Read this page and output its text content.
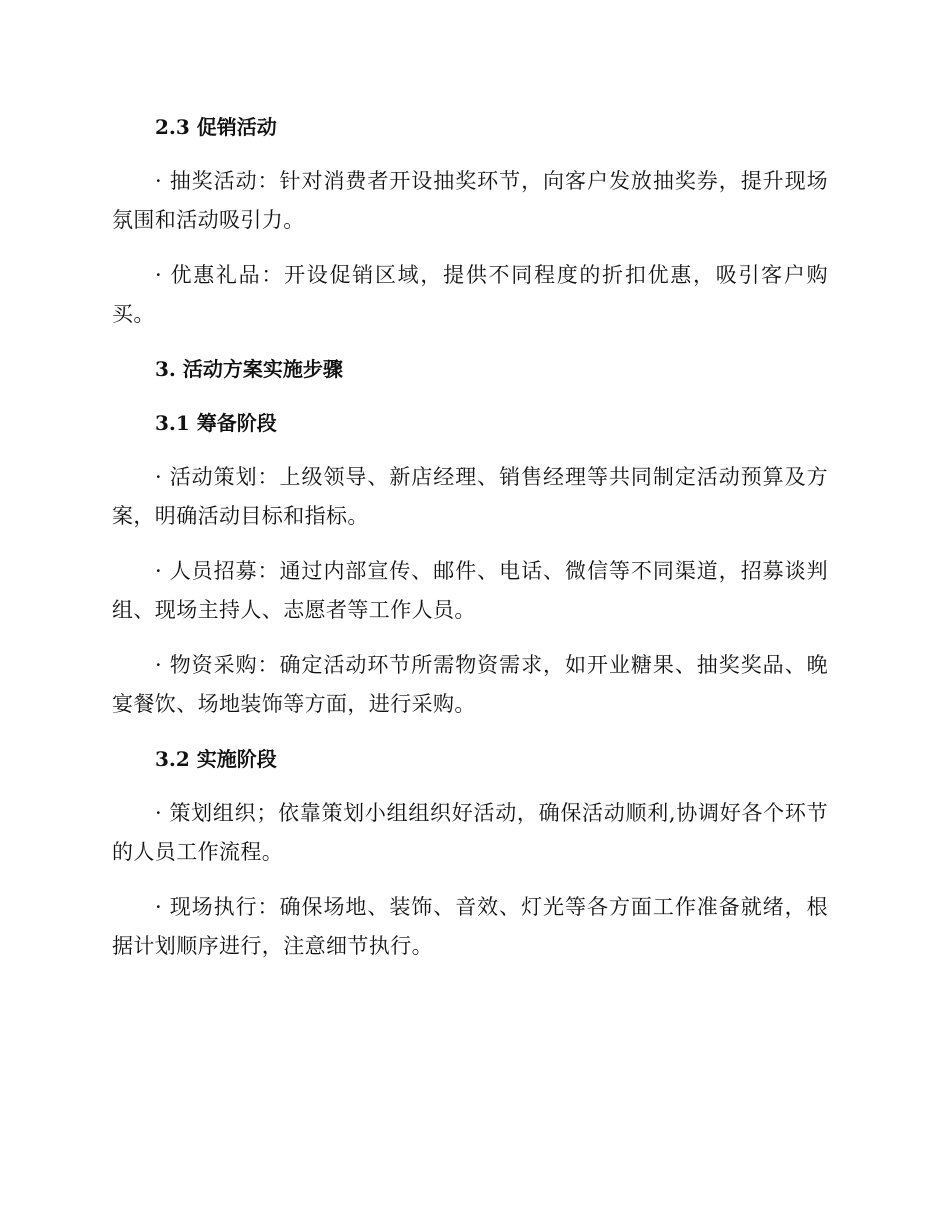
2.3 促销活动

· 抽奖活动：针对消费者开设抽奖环节，向客户发放抽奖券，提升现场氛围和活动吸引力。

· 优惠礼品：开设促销区域，提供不同程度的折扣优惠，吸引客户购买。

3. 活动方案实施步骤
3.1 筹备阶段

· 活动策划：上级领导、新店经理、销售经理等共同制定活动预算及方案，明确活动目标和指标。

· 人员招募：通过内部宣传、邮件、电话、微信等不同渠道，招募谈判组、现场主持人、志愿者等工作人员。

· 物资采购：确定活动环节所需物资需求，如开业糖果、抽奖奖品、晚宴餐饮、场地装饰等方面，进行采购。

3.2 实施阶段

· 策划组织；依靠策划小组组织好活动，确保活动顺利,协调好各个环节的人员工作流程。

· 现场执行：确保场地、装饰、音效、灯光等各方面工作准备就绪，根据计划顺序进行，注意细节执行。
